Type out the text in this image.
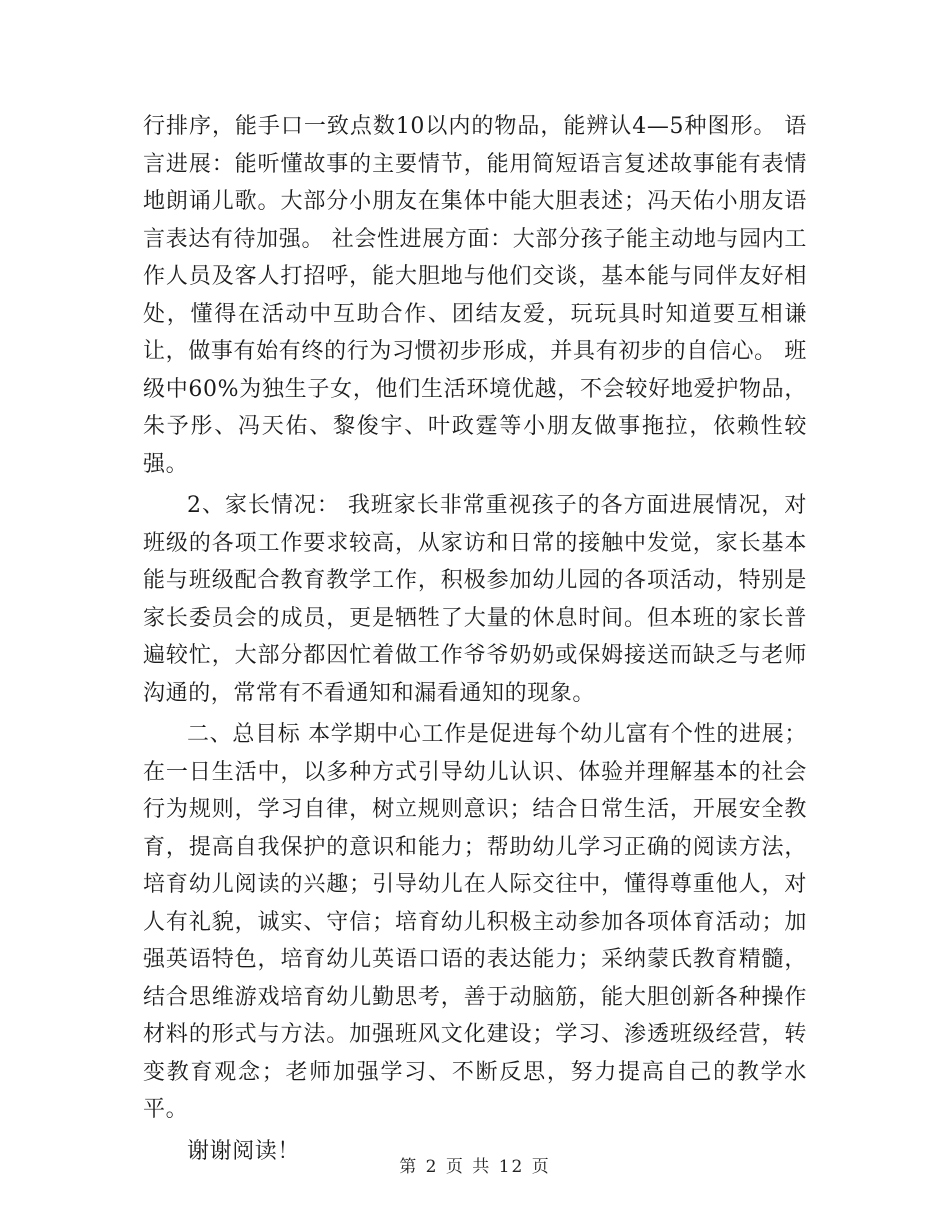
行排序，能手口一致点数10以内的物品，能辨认4—5种图形。 语言进展：能听懂故事的主要情节，能用简短语言复述故事能有表情地朗诵儿歌。大部分小朋友在集体中能大胆表述；冯天佑小朋友语言表达有待加强。 社会性进展方面：大部分孩子能主动地与园内工作人员及客人打招呼，能大胆地与他们交谈，基本能与同伴友好相处，懂得在活动中互助合作、团结友爱，玩玩具时知道要互相谦让，做事有始有终的行为习惯初步形成，并具有初步的自信心。 班级中60%为独生子女，他们生活环境优越，不会较好地爱护物品，朱予彤、冯天佑、黎俊宇、叶政霆等小朋友做事拖拉，依赖性较强。

2、家长情况： 我班家长非常重视孩子的各方面进展情况，对班级的各项工作要求较高，从家访和日常的接触中发觉，家长基本能与班级配合教育教学工作，积极参加幼儿园的各项活动，特别是家长委员会的成员，更是牺牲了大量的休息时间。但本班的家长普遍较忙，大部分都因忙着做工作爷爷奶奶或保姆接送而缺乏与老师沟通的，常常有不看通知和漏看通知的现象。

二、总目标 本学期中心工作是促进每个幼儿富有个性的进展；在一日生活中，以多种方式引导幼儿认识、体验并理解基本的社会行为规则，学习自律，树立规则意识；结合日常生活，开展安全教育，提高自我保护的意识和能力；帮助幼儿学习正确的阅读方法，培育幼儿阅读的兴趣；引导幼儿在人际交往中，懂得尊重他人，对人有礼貌，诚实、守信；培育幼儿积极主动参加各项体育活动；加强英语特色，培育幼儿英语口语的表达能力；采纳蒙氏教育精髓，结合思维游戏培育幼儿勤思考，善于动脑筋，能大胆创新各种操作材料的形式与方法。加强班风文化建设；学习、渗透班级经营，转变教育观念；老师加强学习、不断反思，努力提高自己的教学水平。

谢谢阅读！

第 2 页 共 12 页
